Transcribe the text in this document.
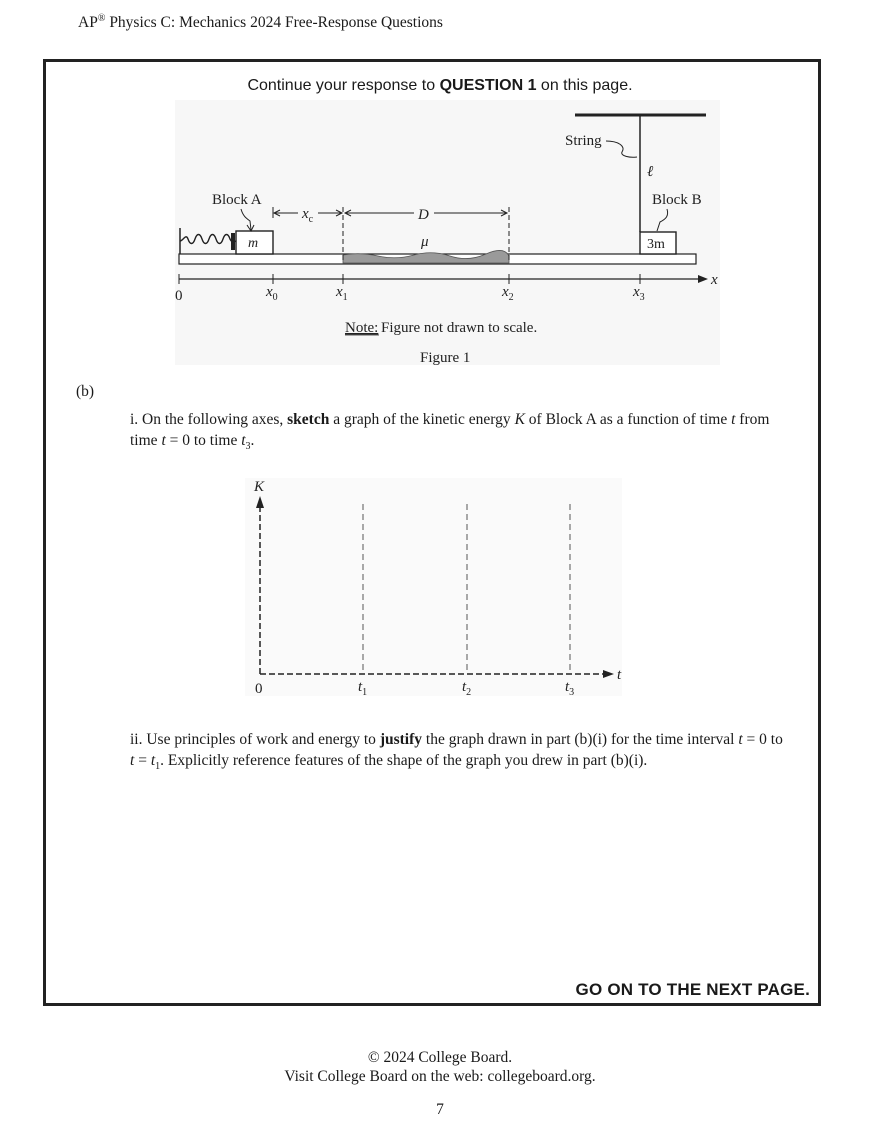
AP® Physics C: Mechanics 2024 Free-Response Questions
Continue your response to QUESTION 1 on this page.
String
ℓ
μ
m
Block A
3m
Block B
$x_c$	D
x
0	$x_0$	$x_1$	$x_2$	$x_3$
Note: Figure not drawn to scale.
Figure 1
(b)
i. On the following axes, sketch a graph of the kinetic energy K of Block A as a function of time t from
time t = 0 to time $t_3$.
K
t
0	$t_1$	$t_2$	$t_3$
ii. Use principles of work and energy to justify the graph drawn in part (b)(i) for the time interval t = 0 to
$t = t_1$. Explicitly reference features of the shape of the graph you drew in part (b)(i).
GO ON TO THE NEXT PAGE.
© 2024 College Board.
Visit College Board on the web: collegeboard.org.
7
